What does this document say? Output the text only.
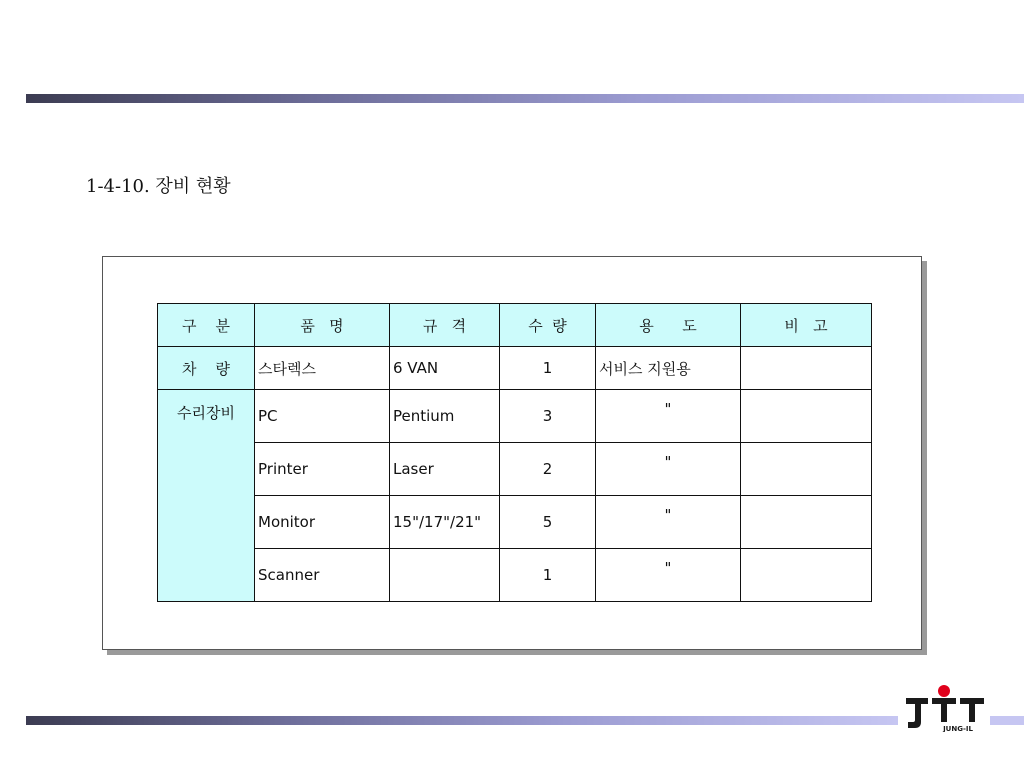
1-4-10. 장비 현황
구    분	품   명	규   격	수  량	용      도	비   고
차    량	스타렉스	6 VAN	1	서비스 지원용	
수리장비	PC	Pentium	3	"	
	Printer	Laser	2	"	
	Monitor	15"/17"/21"	5	"	
	Scanner		1	"	
JUNG-IL
